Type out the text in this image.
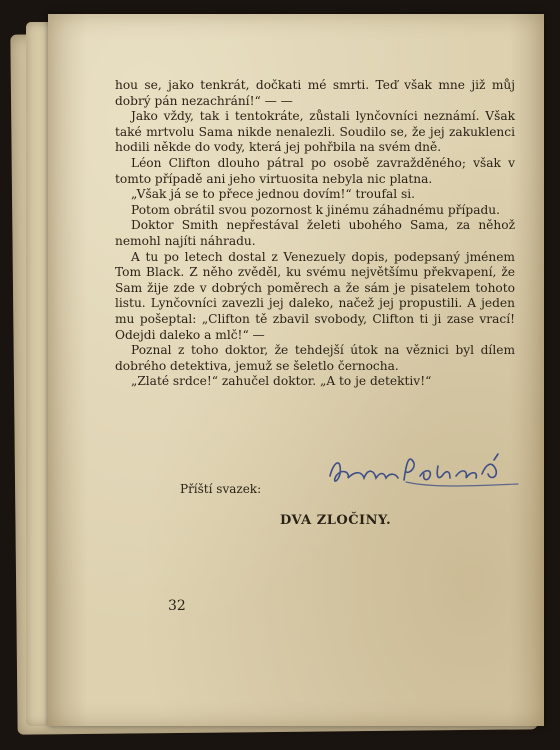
hou se, jako tenkrát, dočkati mé smrti. Teď však mne již můj dobrý pán nezachrání!“ — —

Jako vždy, tak i tentokráte, zůstali lynčovníci neznámí. Však také mrtvolu Sama nikde nenalezli. Soudilo se, že jej zakuklenci hodili někde do vody, která jej pohřbila na svém dně.

Léon Clifton dlouho pátral po osobě zavražděného; však v tomto případě ani jeho virtuosita nebyla nic platna.

„Však já se to přece jednou dovím!“ troufal si.

Potom obrátil svou pozornost k jinému záhadnému případu.

Doktor Smith nepřestával želeti ubohého Sama, za něhož nemohl najíti náhradu.

A tu po letech dostal z Venezuely dopis, podepsaný jménem Tom Black. Z něho zvěděl, ku svému největšímu překvapení, že Sam žije zde v dobrých poměrech a že sám je pisatelem tohoto listu. Lynčovníci zavezli jej daleko, načež jej propustili. A jeden mu pošeptal: „Clifton tě zbavil svobody, Clifton ti ji zase vrací! Odejdi daleko a mlč!“ —

Poznal z toho doktor, že tehdejší útok na věznici byl dílem dobrého detektiva, jemuž se šeletlo černocha.

„Zlaté srdce!“ zahučel doktor. „A to je detektiv!“

Příští svazek:
DVA ZLOČINY.
32
